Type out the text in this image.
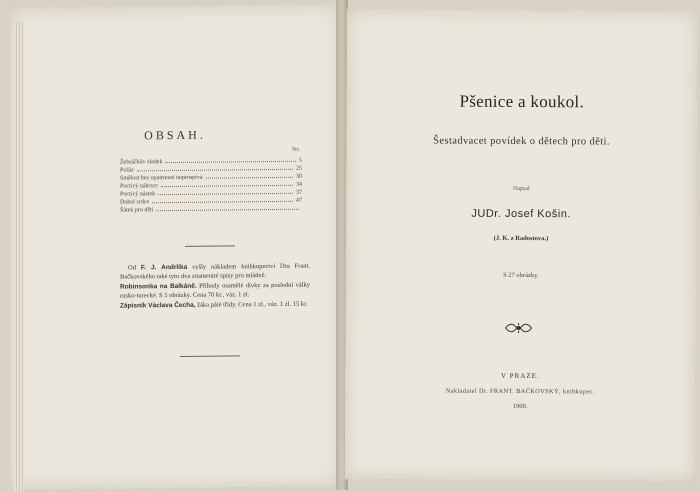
OBSAH.
Str.
Žebráčkův sladek	5
Požár	25
Smělost bez opatrnosti neprospívá	30
Poctivý nálezce	34
Poctivý nástek	37
Dobré srdce	47
Šátek pro děti

Od F. J. Andrlíka vyšly nákladem knihkupectví Dra Frant. Bačkovského také tyto dva znamenité spisy pro mládež:

Robinsonka na Balkáně. Příhody osamělé dívky za poslední války rusko-turecké. S 5 obrázky. Cena 70 kr., váz. 1 zl.

Zápisník Václava Čecha, žáka páté třídy. Cena 1 zl., váz. 1 zl. 15 kr.

Pšenice a koukol.
Šestadvacet povídek o dětech pro děti.
Napsal
JUDr. Josef Košin.
(J. K. z Radostova.)
S 27 obrázky.
V PRAZE.
Nakladatel Dr. FRANT. BAČKOVSKÝ, knihkupec.
1900.
